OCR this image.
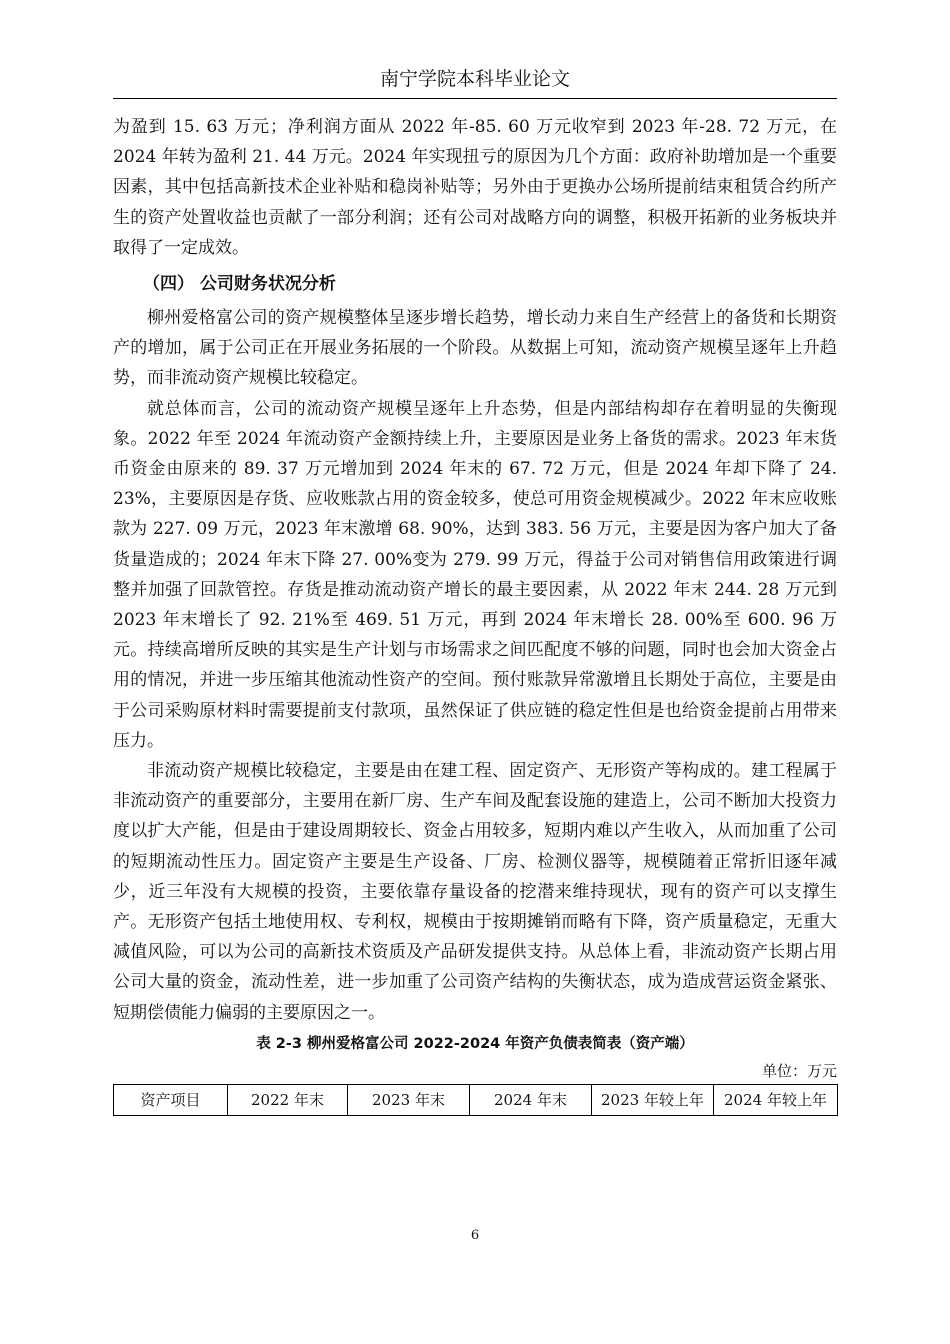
南宁学院本科毕业论文

为盈到 15. 63 万元；净利润方面从 2022 年-85. 60 万元收窄到 2023 年-28. 72 万元，在 2024 年转为盈利 21. 44 万元。2024 年实现扭亏的原因为几个方面：政府补助增加是一个重要因素，其中包括高新技术企业补贴和稳岗补贴等；另外由于更换办公场所提前结束租赁合约所产生的资产处置收益也贡献了一部分利润；还有公司对战略方向的调整，积极开拓新的业务板块并取得了一定成效。

（四） 公司财务状况分析

柳州爱格富公司的资产规模整体呈逐步增长趋势，增长动力来自生产经营上的备货和长期资产的增加，属于公司正在开展业务拓展的一个阶段。从数据上可知，流动资产规模呈逐年上升趋势，而非流动资产规模比较稳定。

就总体而言，公司的流动资产规模呈逐年上升态势，但是内部结构却存在着明显的失衡现象。2022 年至 2024 年流动资产金额持续上升，主要原因是业务上备货的需求。2023 年末货币资金由原来的 89. 37 万元增加到 2024 年末的 67. 72 万元，但是 2024 年却下降了 24. 23%，主要原因是存货、应收账款占用的资金较多，使总可用资金规模减少。2022 年末应收账款为 227. 09 万元，2023 年末激增 68. 90%，达到 383. 56 万元，主要是因为客户加大了备货量造成的；2024 年末下降 27. 00%变为 279. 99 万元，得益于公司对销售信用政策进行调整并加强了回款管控。存货是推动流动资产增长的最主要因素，从 2022 年末 244. 28 万元到 2023 年末增长了 92. 21%至 469. 51 万元，再到 2024 年末增长 28. 00%至 600. 96 万元。持续高增所反映的其实是生产计划与市场需求之间匹配度不够的问题，同时也会加大资金占用的情况，并进一步压缩其他流动性资产的空间。预付账款异常激增且长期处于高位，主要是由于公司采购原材料时需要提前支付款项，虽然保证了供应链的稳定性但是也给资金提前占用带来压力。

非流动资产规模比较稳定，主要是由在建工程、固定资产、无形资产等构成的。建工程属于非流动资产的重要部分，主要用在新厂房、生产车间及配套设施的建造上，公司不断加大投资力度以扩大产能，但是由于建设周期较长、资金占用较多，短期内难以产生收入，从而加重了公司的短期流动性压力。固定资产主要是生产设备、厂房、检测仪器等，规模随着正常折旧逐年减少，近三年没有大规模的投资，主要依靠存量设备的挖潜来维持现状，现有的资产可以支撑生产。无形资产包括土地使用权、专利权，规模由于按期摊销而略有下降，资产质量稳定，无重大减值风险，可以为公司的高新技术资质及产品研发提供支持。从总体上看，非流动资产长期占用公司大量的资金，流动性差，进一步加重了公司资产结构的失衡状态，成为造成营运资金紧张、短期偿债能力偏弱的主要原因之一。

表 2-3 柳州爱格富公司 2022-2024 年资产负债表简表（资产端）
单位：万元
资产项目	2022 年末	2023 年末	2024 年末	2023 年较上年	2024 年较上年
6
